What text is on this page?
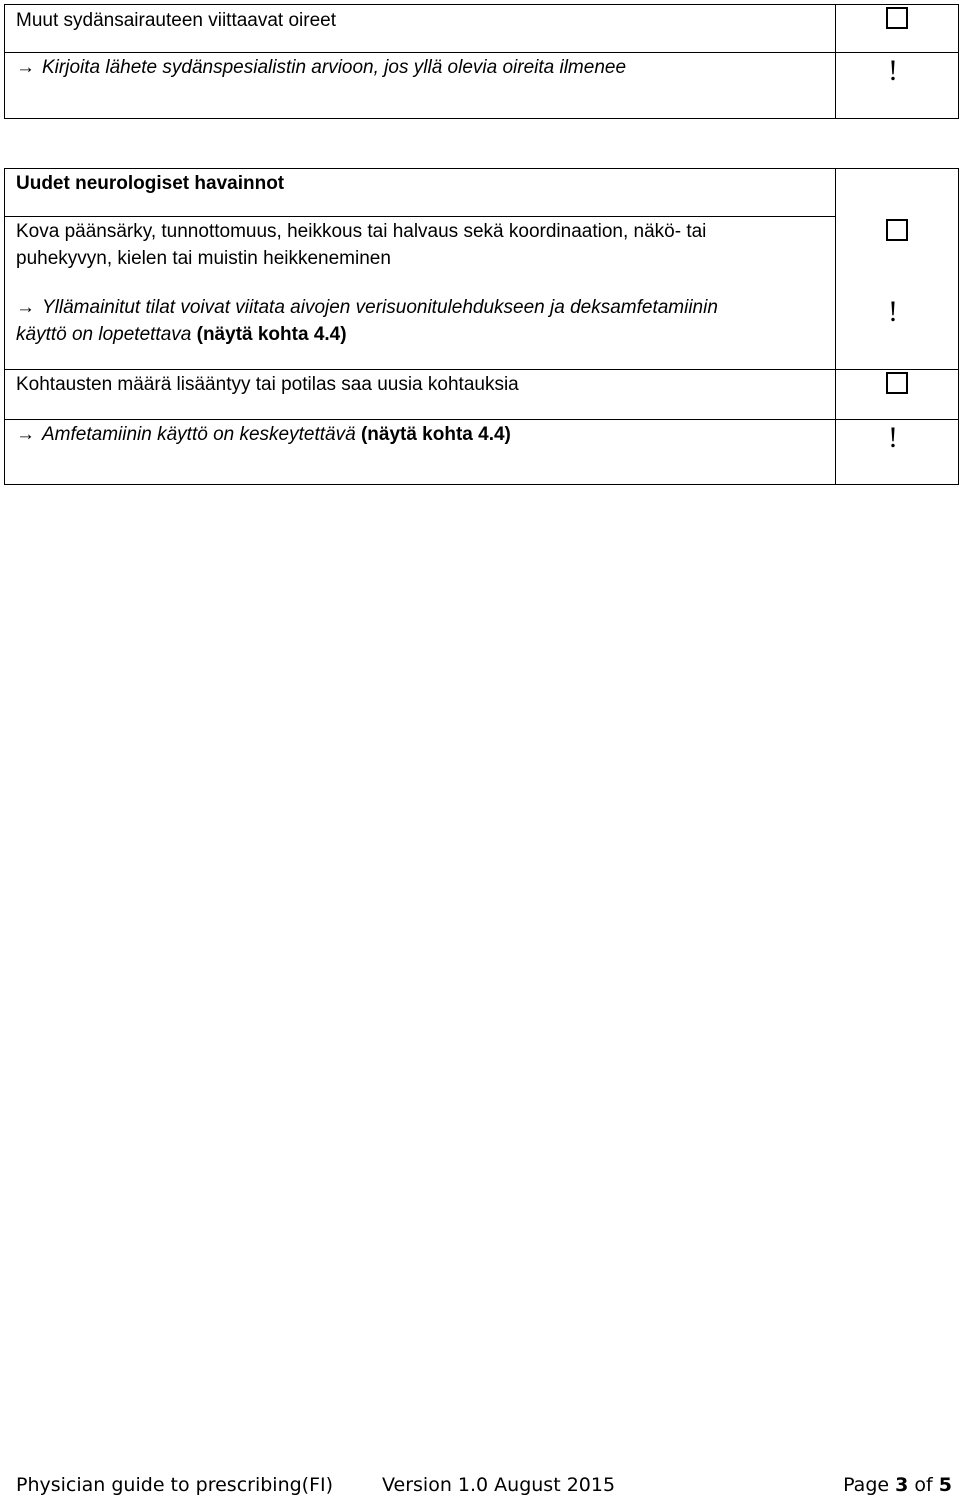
Muut sydänsairauteen viittaavat oireet	

→ Kirjoita lähete sydänspesialistin arvioon, jos yllä olevia oireita ilmenee	!
Uudet neurologiset havainnot	

Kova päänsärky, tunnottomuus, heikkous tai halvaus sekä koordinaation, näkö- tai
puhekyvyn, kielen tai muistin heikkeneminen
→ Yllämainitut tilat voivat viitata aivojen verisuonitulehdukseen ja deksamfetamiinin
käyttö on lopetettava (näytä kohta 4.4)	!

Kohtausten määrä lisääntyy tai potilas saa uusia kohtauksia	

→ Amfetamiinin käyttö on keskeytettävä (näytä kohta 4.4)	!
Physician guide to prescribing(FI)	Version 1.0 August 2015	Page 3 of 5
